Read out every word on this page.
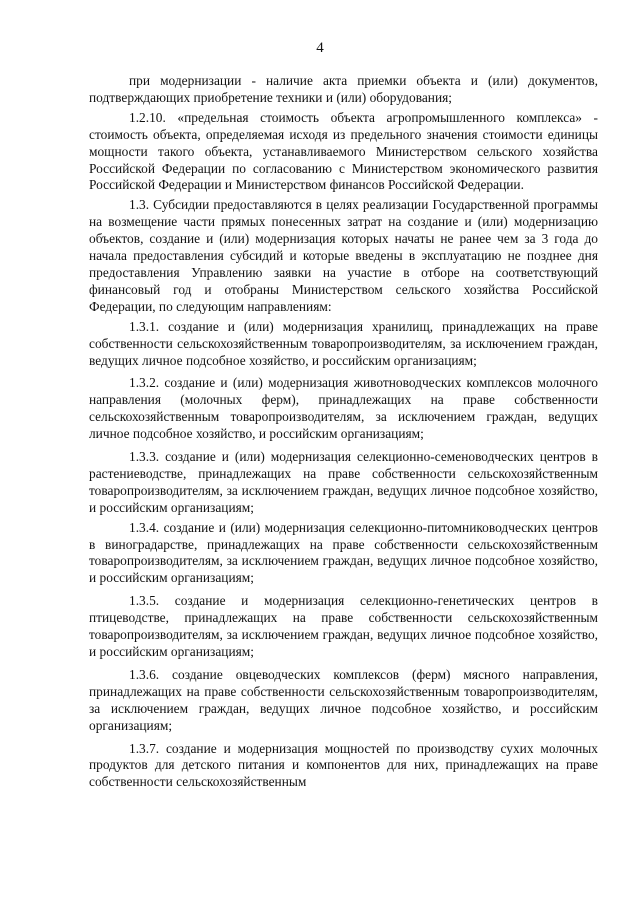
4

при модернизации - наличие акта приемки объекта и (или) документов, подтверждающих приобретение техники и (или) оборудования;

1.2.10. «предельная стоимость объекта агропромышленного комплекса» - стоимость объекта, определяемая исходя из предельного значения стоимости единицы мощности такого объекта, устанавливаемого Министерством сельского хозяйства Российской Федерации по согласованию с Министерством экономического развития Российской Федерации и Министерством финансов Российской Федерации.

1.3. Субсидии предоставляются в целях реализации Государственной программы на возмещение части прямых понесенных затрат на создание и (или) модернизацию объектов, создание и (или) модернизация которых начаты не ранее чем за 3 года до начала предоставления субсидий и которые введены в эксплуатацию не позднее дня предоставления Управлению заявки на участие в отборе на соответствующий финансовый год и отобраны Министерством сельского хозяйства Российской Федерации, по следующим направлениям:

1.3.1. создание и (или) модернизация хранилищ, принадлежащих на праве собственности сельскохозяйственным товаропроизводителям, за исключением граждан, ведущих личное подсобное хозяйство, и российским организациям;

1.3.2. создание и (или) модернизация животноводческих комплексов молочного направления (молочных ферм), принадлежащих на праве собственности сельскохозяйственным товаропроизводителям, за исключением граждан, ведущих личное подсобное хозяйство, и российским организациям;

1.3.3. создание и (или) модернизация селекционно-семеноводческих центров в растениеводстве, принадлежащих на праве собственности сельскохозяйственным товаропроизводителям, за исключением граждан, ведущих личное подсобное хозяйство, и российским организациям;

1.3.4. создание и (или) модернизация селекционно-питомниководческих центров в виноградарстве, принадлежащих на праве собственности сельскохозяйственным товаропроизводителям, за исключением граждан, ведущих личное подсобное хозяйство, и российским организациям;

1.3.5. создание и модернизация селекционно-генетических центров в птицеводстве, принадлежащих на праве собственности сельскохозяйственным товаропроизводителям, за исключением граждан, ведущих личное подсобное хозяйство, и российским организациям;

1.3.6. создание овцеводческих комплексов (ферм) мясного направления, принадлежащих на праве собственности сельскохозяйственным товаропроизводителям, за исключением граждан, ведущих личное подсобное хозяйство, и российским организациям;

1.3.7. создание и модернизация мощностей по производству сухих молочных продуктов для детского питания и компонентов для них, принадлежащих на праве собственности сельскохозяйственным
